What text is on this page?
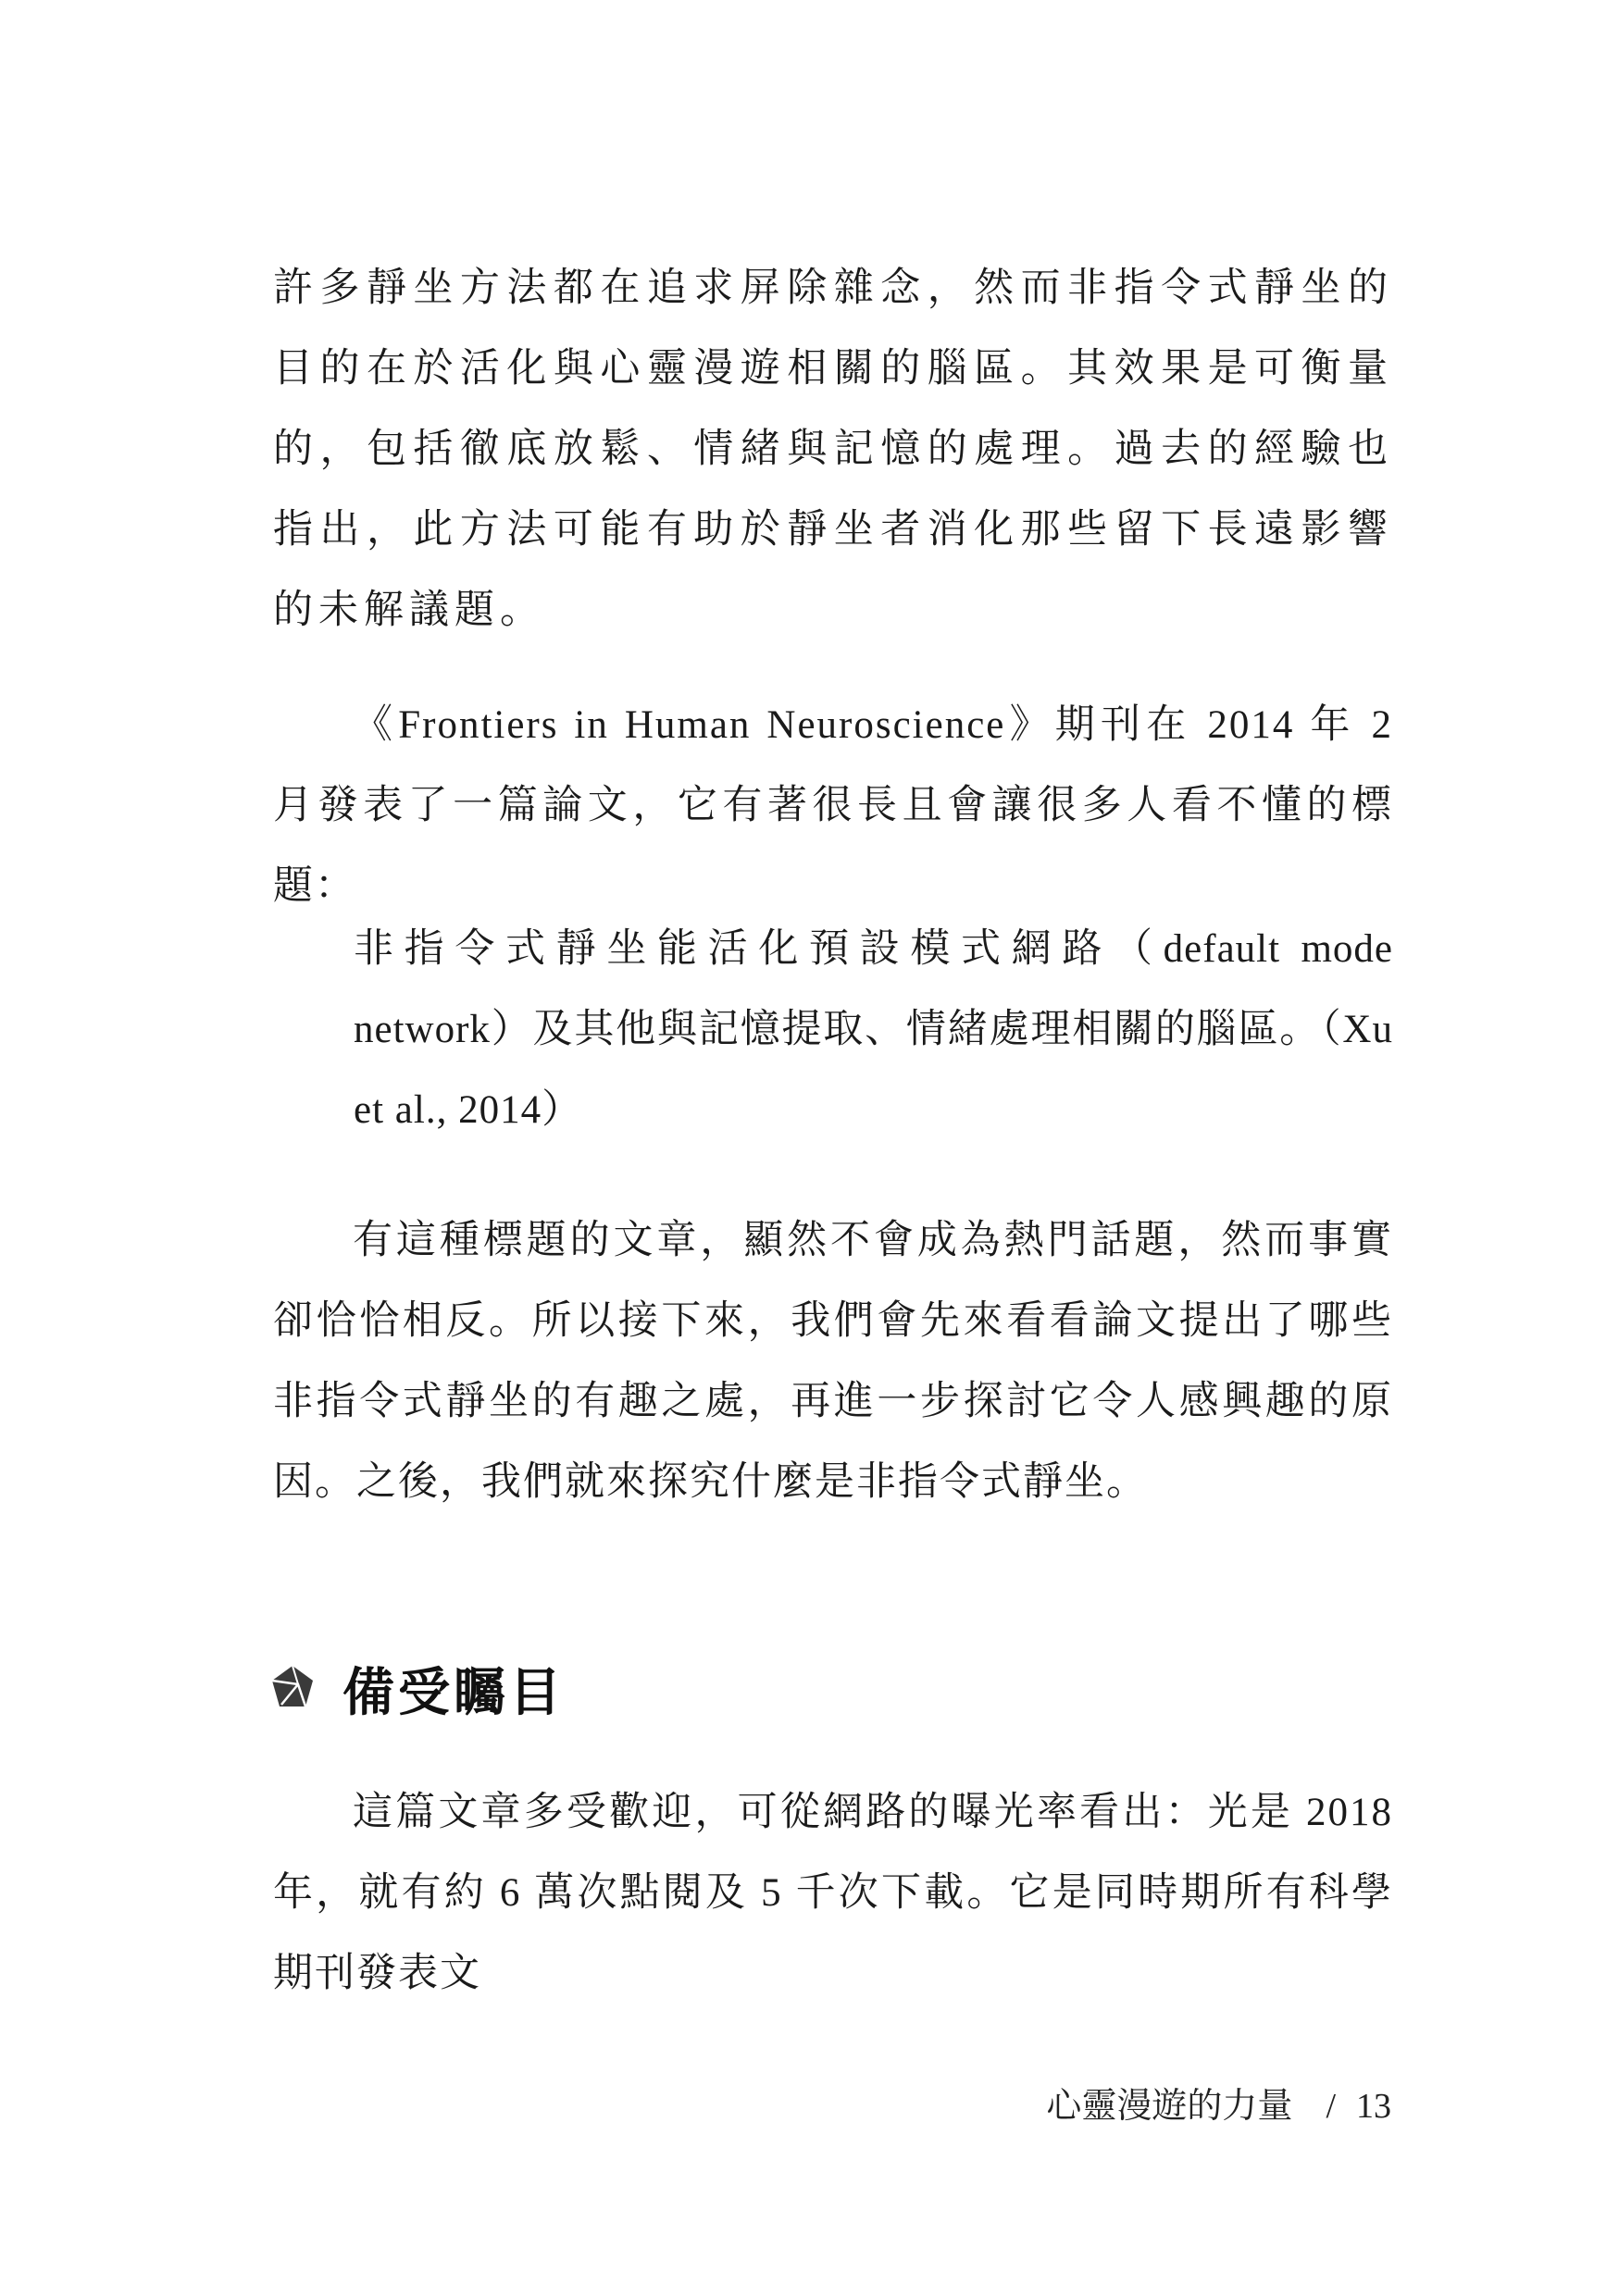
許多靜坐方法都在追求屏除雜念，然而非指令式靜坐的目的在於活化與心靈漫遊相關的腦區。其效果是可衡量的，包括徹底放鬆、情緒與記憶的處理。過去的經驗也指出，此方法可能有助於靜坐者消化那些留下長遠影響的未解議題。

《Frontiers in Human Neuroscience》期刊在 2014 年 2 月發表了一篇論文，它有著很長且會讓很多人看不懂的標題：

非指令式靜坐能活化預設模式網路（default mode network）及其他與記憶提取、情緒處理相關的腦區。（Xu et al., 2014）

有這種標題的文章，顯然不會成為熱門話題，然而事實卻恰恰相反。所以接下來，我們會先來看看論文提出了哪些非指令式靜坐的有趣之處，再進一步探討它令人感興趣的原因。之後，我們就來探究什麼是非指令式靜坐。

備受矚目

這篇文章多受歡迎，可從網路的曝光率看出：光是 2018 年，就有約 6 萬次點閱及 5 千次下載。它是同時期所有科學期刊發表文

心靈漫遊的力量 / 13
